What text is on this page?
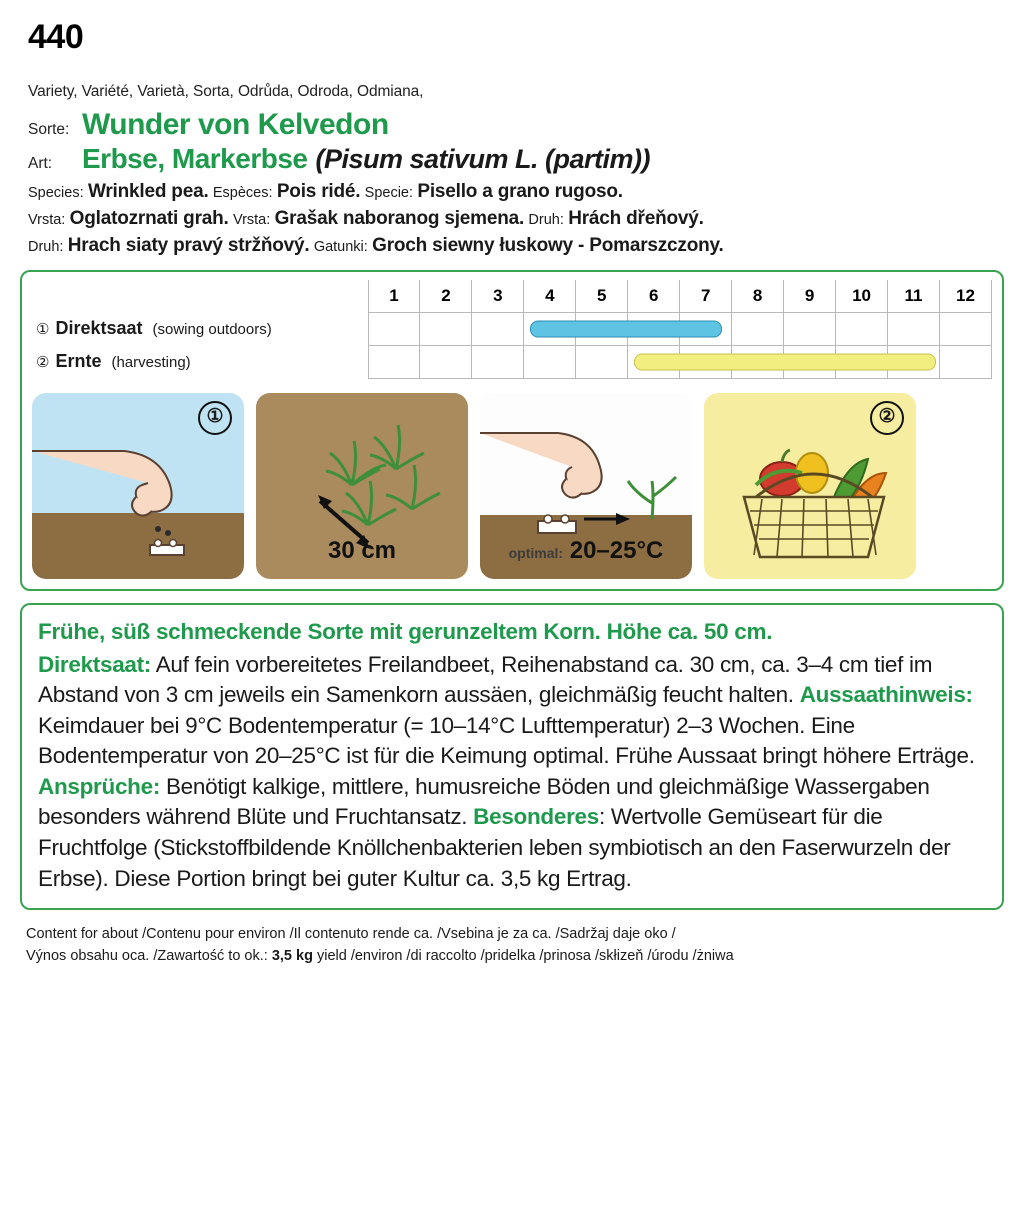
440
Variety, Variété, Varietà, Sorta, Odrůda, Odroda, Odmiana,
Sorte: Wunder von Kelvedon
Art:	Erbse, Markerbse (Pisum sativum L. (partim))
Species: Wrinkled pea. Espèces: Pois ridé. Specie: Pisello a grano rugoso.
Vrsta: Oglatozrnati grah. Vrsta: Grašak naboranog sjemena. Druh: Hrách dřeňový.
Druh: Hrach siaty pravý stržňový. Gatunki: Groch siewny łuskowy - Pomarszczony.
	1	2	3	4	5	6	7	8	9	10	11	12
① Direktsaat (sowing outdoors)				

② Ernte (harvesting)						

①
30 cm	optimal: 20–25°C
②
Frühe, süß schmeckende Sorte mit gerunzeltem Korn. Höhe ca. 50 cm.
Direktsaat: Auf fein vorbereitetes Freilandbeet, Reihenabstand ca. 30 cm, ca. 3–4 cm tief im Abstand von 3 cm jeweils ein Samenkorn aussäen, gleichmäßig feucht halten. Aussaathinweis: Keimdauer bei 9°C Bodentemperatur (= 10–14°C Lufttemperatur) 2–3 Wochen. Eine Bodentemperatur von 20–25°C ist für die Keimung optimal. Frühe Aussaat bringt höhere Erträge. Ansprüche: Benötigt kalkige, mittlere, humusreiche Böden und gleichmäßige Wassergaben besonders während Blüte und Fruchtansatz. Besonderes: Wertvolle Gemüseart für die Fruchtfolge (Stickstoffbildende Knöllchenbakterien leben symbiotisch an den Faserwurzeln der Erbse). Diese Portion bringt bei guter Kultur ca. 3,5 kg Ertrag.
Content for about /Contenu pour environ /Il contenuto rende ca. /Vsebina je za ca. /Sadržaj daje oko /
Výnos obsahu oca. /Zawartość to ok.: 3,5 kg yield /environ /di raccolto /pridelka /prinosa /skłizeň /úrodu /żniwa
